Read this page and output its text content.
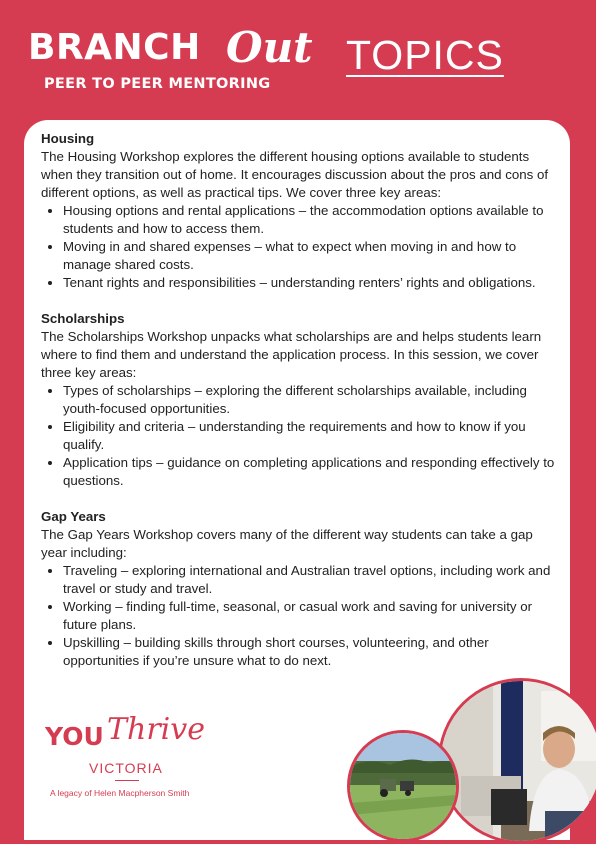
BRANCH Out
PEER TO PEER MENTORING
TOPICS
Housing
The Housing Workshop explores the different housing options available to students when they transition out of home. It encourages discussion about the pros and cons of different options, as well as practical tips. We cover three key areas:
• Housing options and rental applications – the accommodation options available to students and how to access them.
• Moving in and shared expenses – what to expect when moving in and how to manage shared costs.
• Tenant rights and responsibilities – understanding renters’ rights and obligations.
Scholarships
The Scholarships Workshop unpacks what scholarships are and helps students learn where to find them and understand the application process. In this session, we cover three key areas:
• Types of scholarships – exploring the different scholarships available, including youth-focused opportunities.
• Eligibility and criteria – understanding the requirements and how to know if you qualify.
• Application tips – guidance on completing applications and responding effectively to questions.
Gap Years
The Gap Years Workshop covers many of the different way students can take a gap year including:
• Traveling – exploring international and Australian travel options, including work and travel or study and travel.
• Working – finding full-time, seasonal, or casual work and saving for university or future plans.
• Upskilling – building skills through short courses, volunteering, and other opportunities if you’re unsure what to do next.
YOU Thrive
VICTORIA
A legacy of Helen Macpherson Smith
